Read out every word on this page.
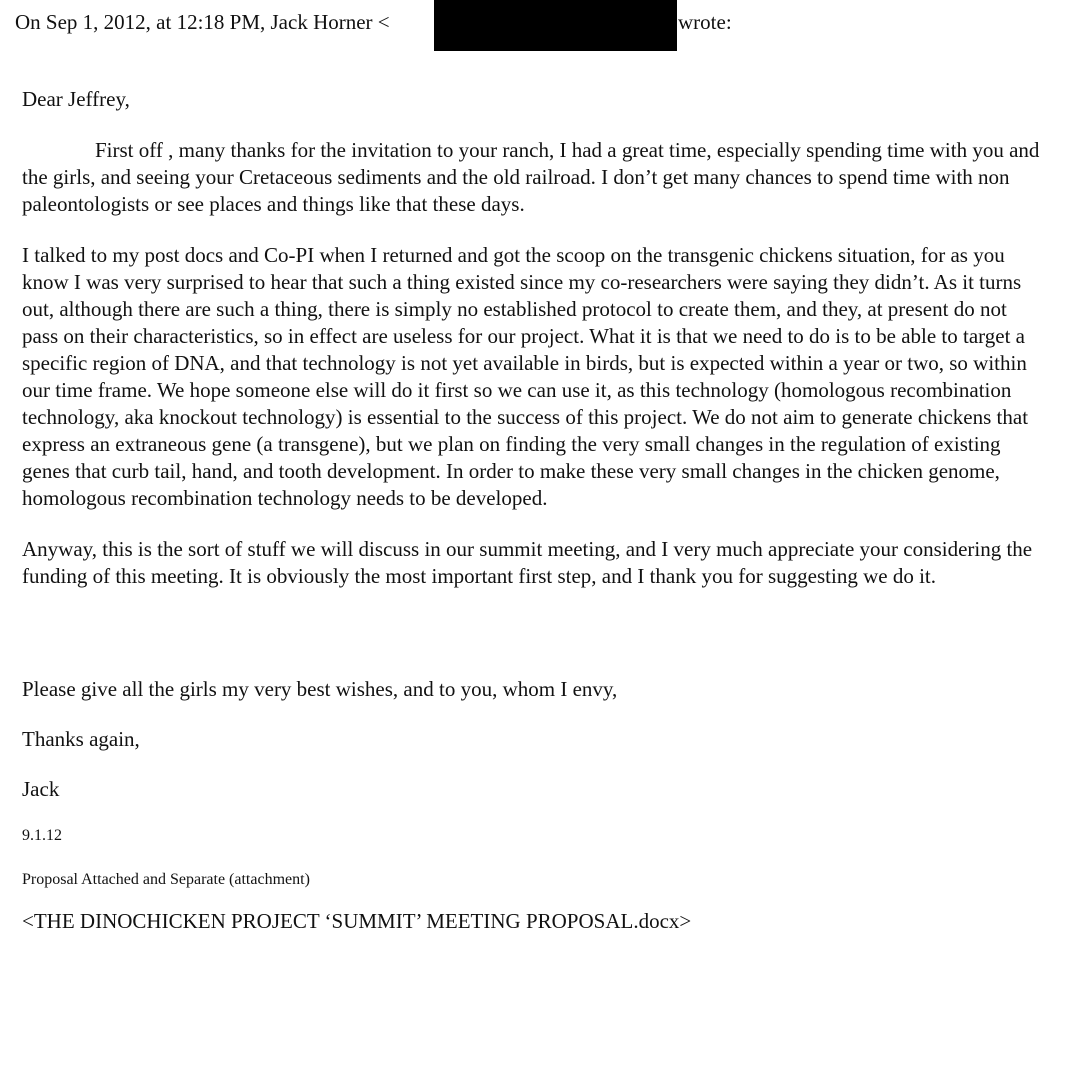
On Sep 1, 2012, at 12:18 PM, Jack Horner <	wrote:

Dear Jeffrey,

First off , many thanks for the invitation to your ranch, I had a great time, especially spending time with you and the girls, and seeing your Cretaceous sediments and the old railroad. I don’t get many chances to spend time with non paleontologists or see places and things like that these days.

I talked to my post docs and Co-PI when I returned and got the scoop on the transgenic chickens situation, for as you know I was very surprised to hear that such a thing existed since my co-researchers were saying they didn’t. As it turns out, although there are such a thing, there is simply no established protocol to create them, and they, at present do not pass on their characteristics, so in effect are useless for our project. What it is that we need to do is to be able to target a specific region of DNA, and that technology is not yet available in birds, but is expected within a year or two, so within our time frame. We hope someone else will do it first so we can use it, as this technology (homologous recombination technology, aka knockout technology) is essential to the success of this project. We do not aim to generate chickens that express an extraneous gene (a transgene), but we plan on finding the very small changes in the regulation of existing genes that curb tail, hand, and tooth development. In order to make these very small changes in the chicken genome, homologous recombination technology needs to be developed.

Anyway, this is the sort of stuff we will discuss in our summit meeting, and I very much appreciate your considering the funding of this meeting. It is obviously the most important first step, and I thank you for suggesting we do it.

Please give all the girls my very best wishes, and to you, whom I envy,

Thanks again,

Jack

9.1.12

Proposal Attached and Separate (attachment)

<THE DINOCHICKEN PROJECT ‘SUMMIT’ MEETING PROPOSAL.docx>
